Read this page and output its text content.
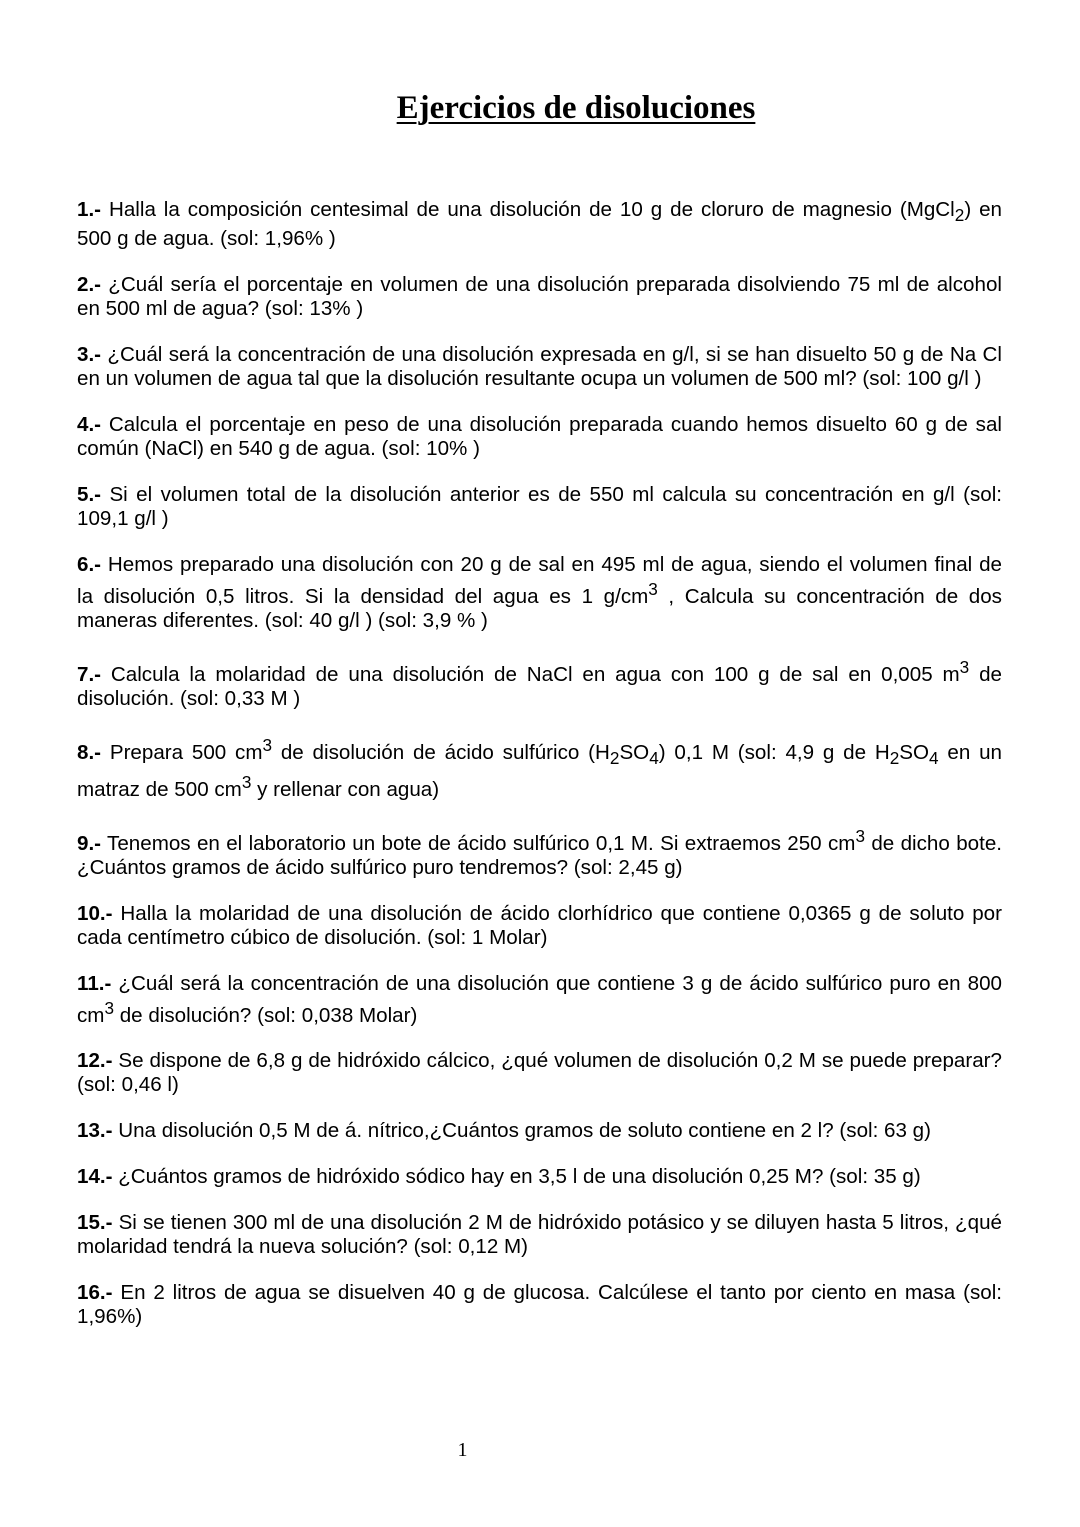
Ejercicios de disoluciones

1.- Halla la composición centesimal de una disolución de 10 g de cloruro de magnesio (MgCl$_2$) en 500 g de agua. (sol: 1,96% )

2.- ¿Cuál sería el porcentaje en volumen de una disolución preparada disolviendo 75 ml de alcohol en 500 ml de agua? (sol: 13% )

3.- ¿Cuál será la concentración de una disolución expresada en g/l, si se han disuelto 50 g de Na Cl en un volumen de agua tal que la disolución resultante ocupa un volumen de 500 ml? (sol: 100 g/l )

4.- Calcula el porcentaje en peso de una disolución preparada cuando hemos disuelto 60 g de sal común (NaCl) en 540 g de agua. (sol: 10% )

5.- Si el volumen total de la disolución anterior es de 550 ml calcula su concentración en g/l (sol: 109,1 g/l )

6.- Hemos preparado una disolución con 20 g de sal en 495 ml de agua, siendo el volumen final de la disolución 0,5 litros. Si la densidad del agua es 1 $g/cm^3$ , Calcula su concentración de dos maneras diferentes. (sol: 40 g/l ) (sol: 3,9 % )

7.- Calcula la molaridad de una disolución de NaCl en agua con 100 g de sal en 0,005 $m^3$ de disolución. (sol: 0,33 M )

8.- Prepara 500 $cm^3$ de disolución de ácido sulfúrico $(H_2SO_4)$ 0,1 M (sol: 4,9 g de $H_2SO_4$ en un matraz de 500 $cm^3$ y rellenar con agua)

9.- Tenemos en el laboratorio un bote de ácido sulfúrico 0,1 M. Si extraemos 250 $cm^3$ de dicho bote. ¿Cuántos gramos de ácido sulfúrico puro tendremos? (sol: 2,45 g)

10.- Halla la molaridad de una disolución de ácido clorhídrico que contiene 0,0365 g de soluto por cada centímetro cúbico de disolución. (sol: 1 Molar)

11.- ¿Cuál será la concentración de una disolución que contiene 3 g de ácido sulfúrico puro en 800 $cm^3$ de disolución? (sol: 0,038 Molar)

12.- Se dispone de 6,8 g de hidróxido cálcico, ¿qué volumen de disolución 0,2 M se puede preparar? (sol: 0,46 l)

13.- Una disolución 0,5 M de á. nítrico,¿Cuántos gramos de soluto contiene en 2 l? (sol: 63 g)

14.- ¿Cuántos gramos de hidróxido sódico hay en 3,5 l de una disolución 0,25 M? (sol: 35 g)

15.- Si se tienen 300 ml de una disolución 2 M de hidróxido potásico y se diluyen hasta 5 litros, ¿qué molaridad tendrá la nueva solución? (sol: 0,12 M)

16.- En 2 litros de agua se disuelven 40 g de glucosa. Calcúlese el tanto por ciento en masa (sol: 1,96%)

1
